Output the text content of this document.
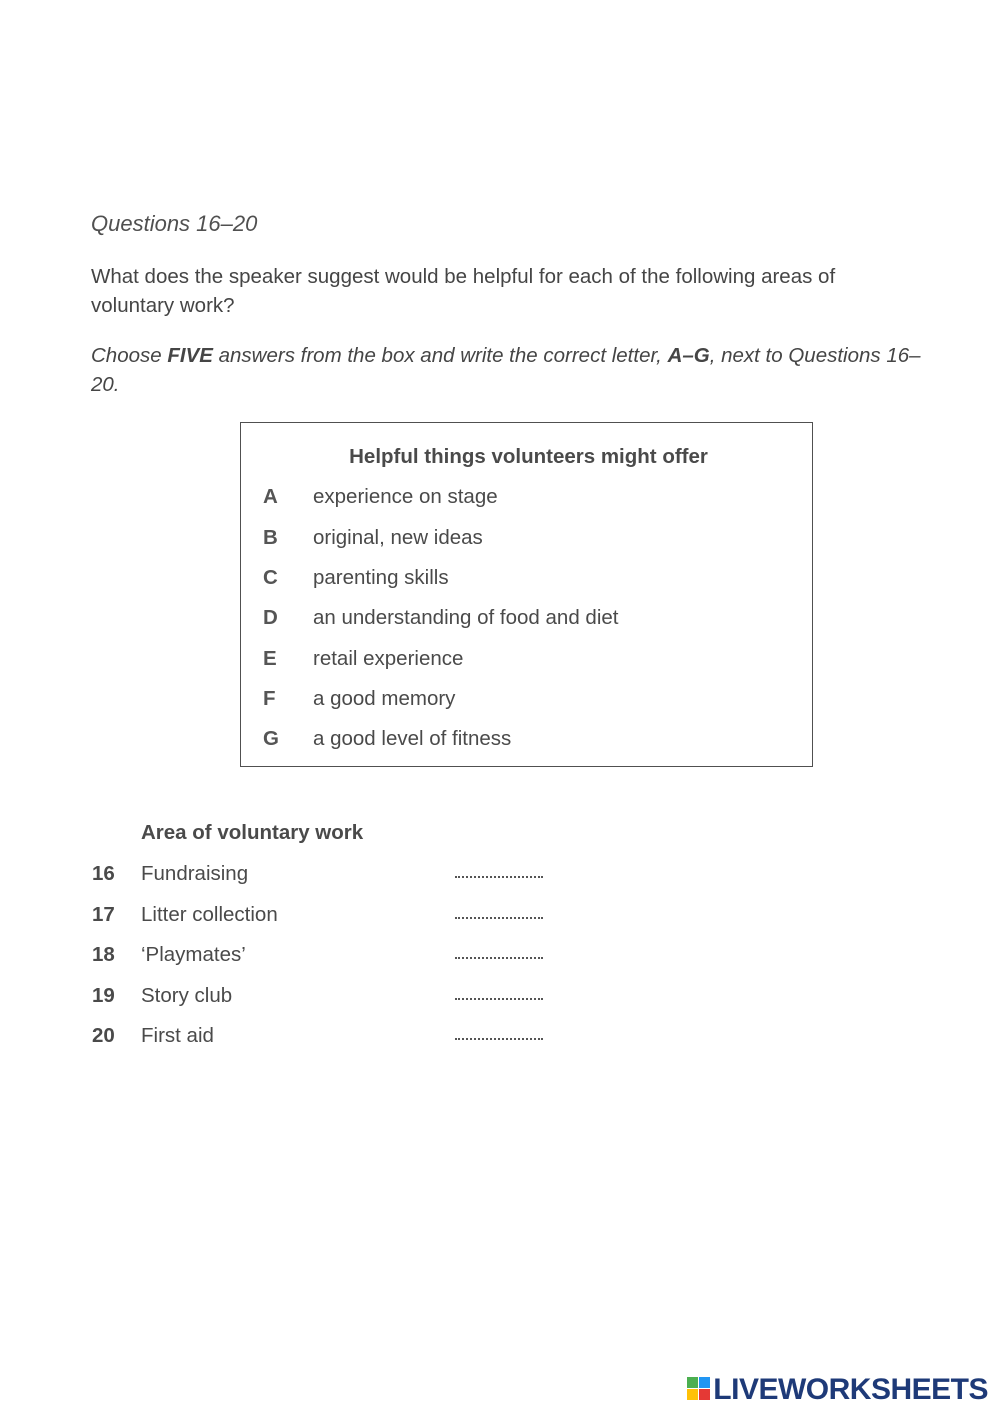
Questions 16–20
What does the speaker suggest would be helpful for each of the following areas of voluntary work?
Choose FIVE answers from the box and write the correct letter, A–G, next to Questions 16–20.
Helpful things volunteers might offer
A experience on stage
B original, new ideas
C parenting skills
D an understanding of food and diet
E retail experience
F a good memory
G a good level of fitness
Area of voluntary work
16 Fundraising
17 Litter collection
18 ‘Playmates’
19 Story club
20 First aid
LIVEWORKSHEETS
